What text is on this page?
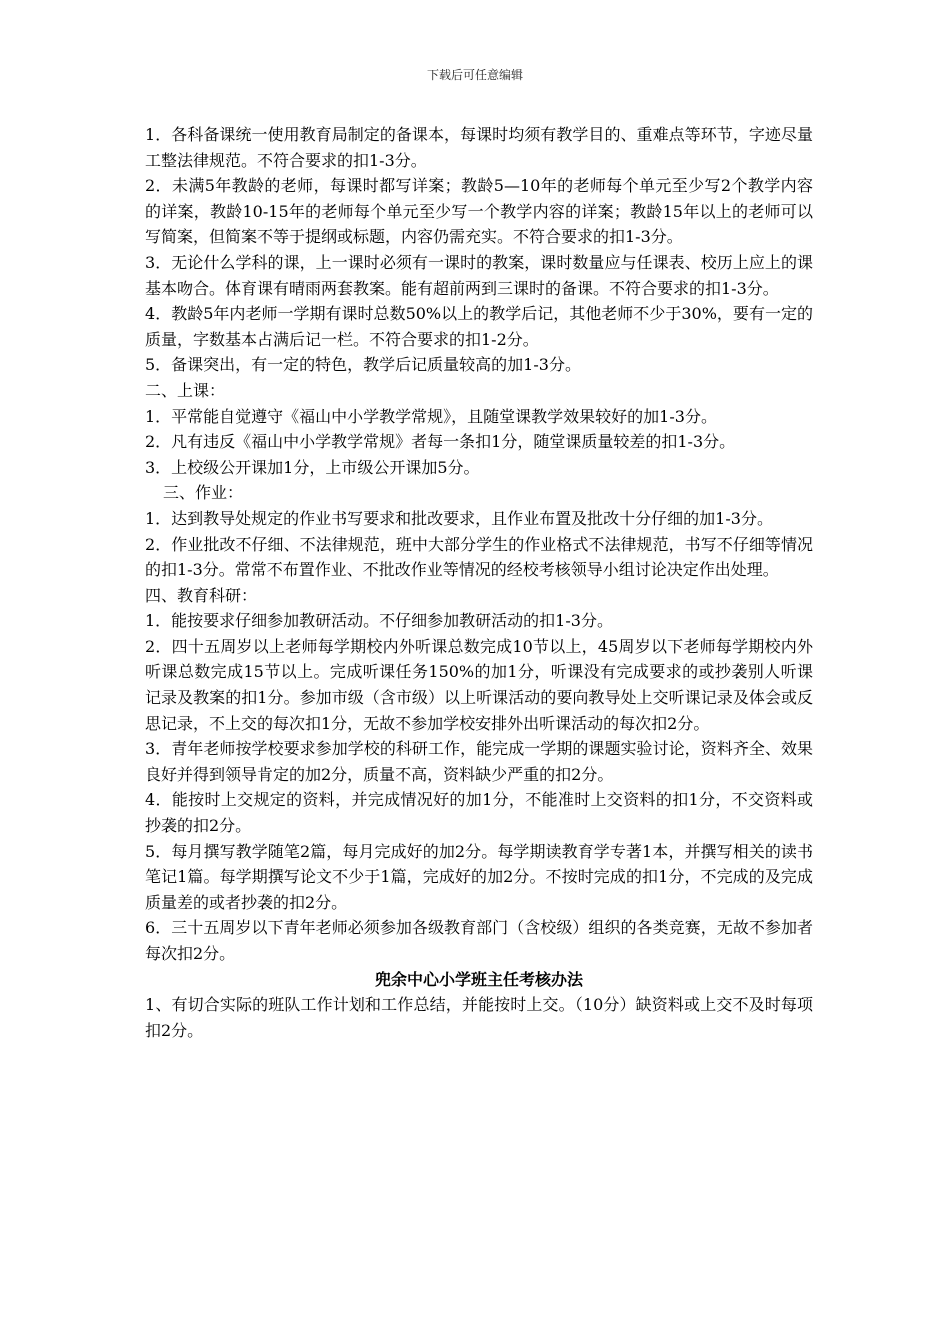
下载后可任意编辑

1．各科备课统一使用教育局制定的备课本，每课时均须有教学目的、重难点等环节，字迹尽量工整法律规范。不符合要求的扣1-3分。

2．未满5年教龄的老师，每课时都写详案；教龄5—10年的老师每个单元至少写2个教学内容的详案，教龄10-15年的老师每个单元至少写一个教学内容的详案；教龄15年以上的老师可以写简案，但简案不等于提纲或标题，内容仍需充实。不符合要求的扣1-3分。

3．无论什么学科的课，上一课时必须有一课时的教案，课时数量应与任课表、校历上应上的课基本吻合。体育课有晴雨两套教案。能有超前两到三课时的备课。不符合要求的扣1-3分。

4．教龄5年内老师一学期有课时总数50%以上的教学后记，其他老师不少于30%，要有一定的质量，字数基本占满后记一栏。不符合要求的扣1-2分。

5．备课突出，有一定的特色，教学后记质量较高的加1-3分。

二、上课：

1．平常能自觉遵守《福山中小学教学常规》，且随堂课教学效果较好的加1-3分。

2．凡有违反《福山中小学教学常规》者每一条扣1分，随堂课质量较差的扣1-3分。

3．上校级公开课加1分，上市级公开课加5分。

三、作业：

1．达到教导处规定的作业书写要求和批改要求，且作业布置及批改十分仔细的加1-3分。

2．作业批改不仔细、不法律规范，班中大部分学生的作业格式不法律规范，书写不仔细等情况的扣1-3分。常常不布置作业、不批改作业等情况的经校考核领导小组讨论决定作出处理。

四、教育科研：

1．能按要求仔细参加教研活动。不仔细参加教研活动的扣1-3分。

2．四十五周岁以上老师每学期校内外听课总数完成10节以上，45周岁以下老师每学期校内外听课总数完成15节以上。完成听课任务150%的加1分，听课没有完成要求的或抄袭别人听课记录及教案的扣1分。参加市级（含市级）以上听课活动的要向教导处上交听课记录及体会或反思记录，不上交的每次扣1分，无故不参加学校安排外出听课活动的每次扣2分。

3．青年老师按学校要求参加学校的科研工作，能完成一学期的课题实验讨论，资料齐全、效果良好并得到领导肯定的加2分，质量不高，资料缺少严重的扣2分。

4．能按时上交规定的资料，并完成情况好的加1分，不能准时上交资料的扣1分，不交资料或抄袭的扣2分。

5．每月撰写教学随笔2篇，每月完成好的加2分。每学期读教育学专著1本，并撰写相关的读书笔记1篇。每学期撰写论文不少于1篇，完成好的加2分。不按时完成的扣1分，不完成的及完成质量差的或者抄袭的扣2分。

6．三十五周岁以下青年老师必须参加各级教育部门（含校级）组织的各类竞赛，无故不参加者每次扣2分。

兜余中心小学班主任考核办法

1、有切合实际的班队工作计划和工作总结，并能按时上交。（10分）缺资料或上交不及时每项扣2分。
